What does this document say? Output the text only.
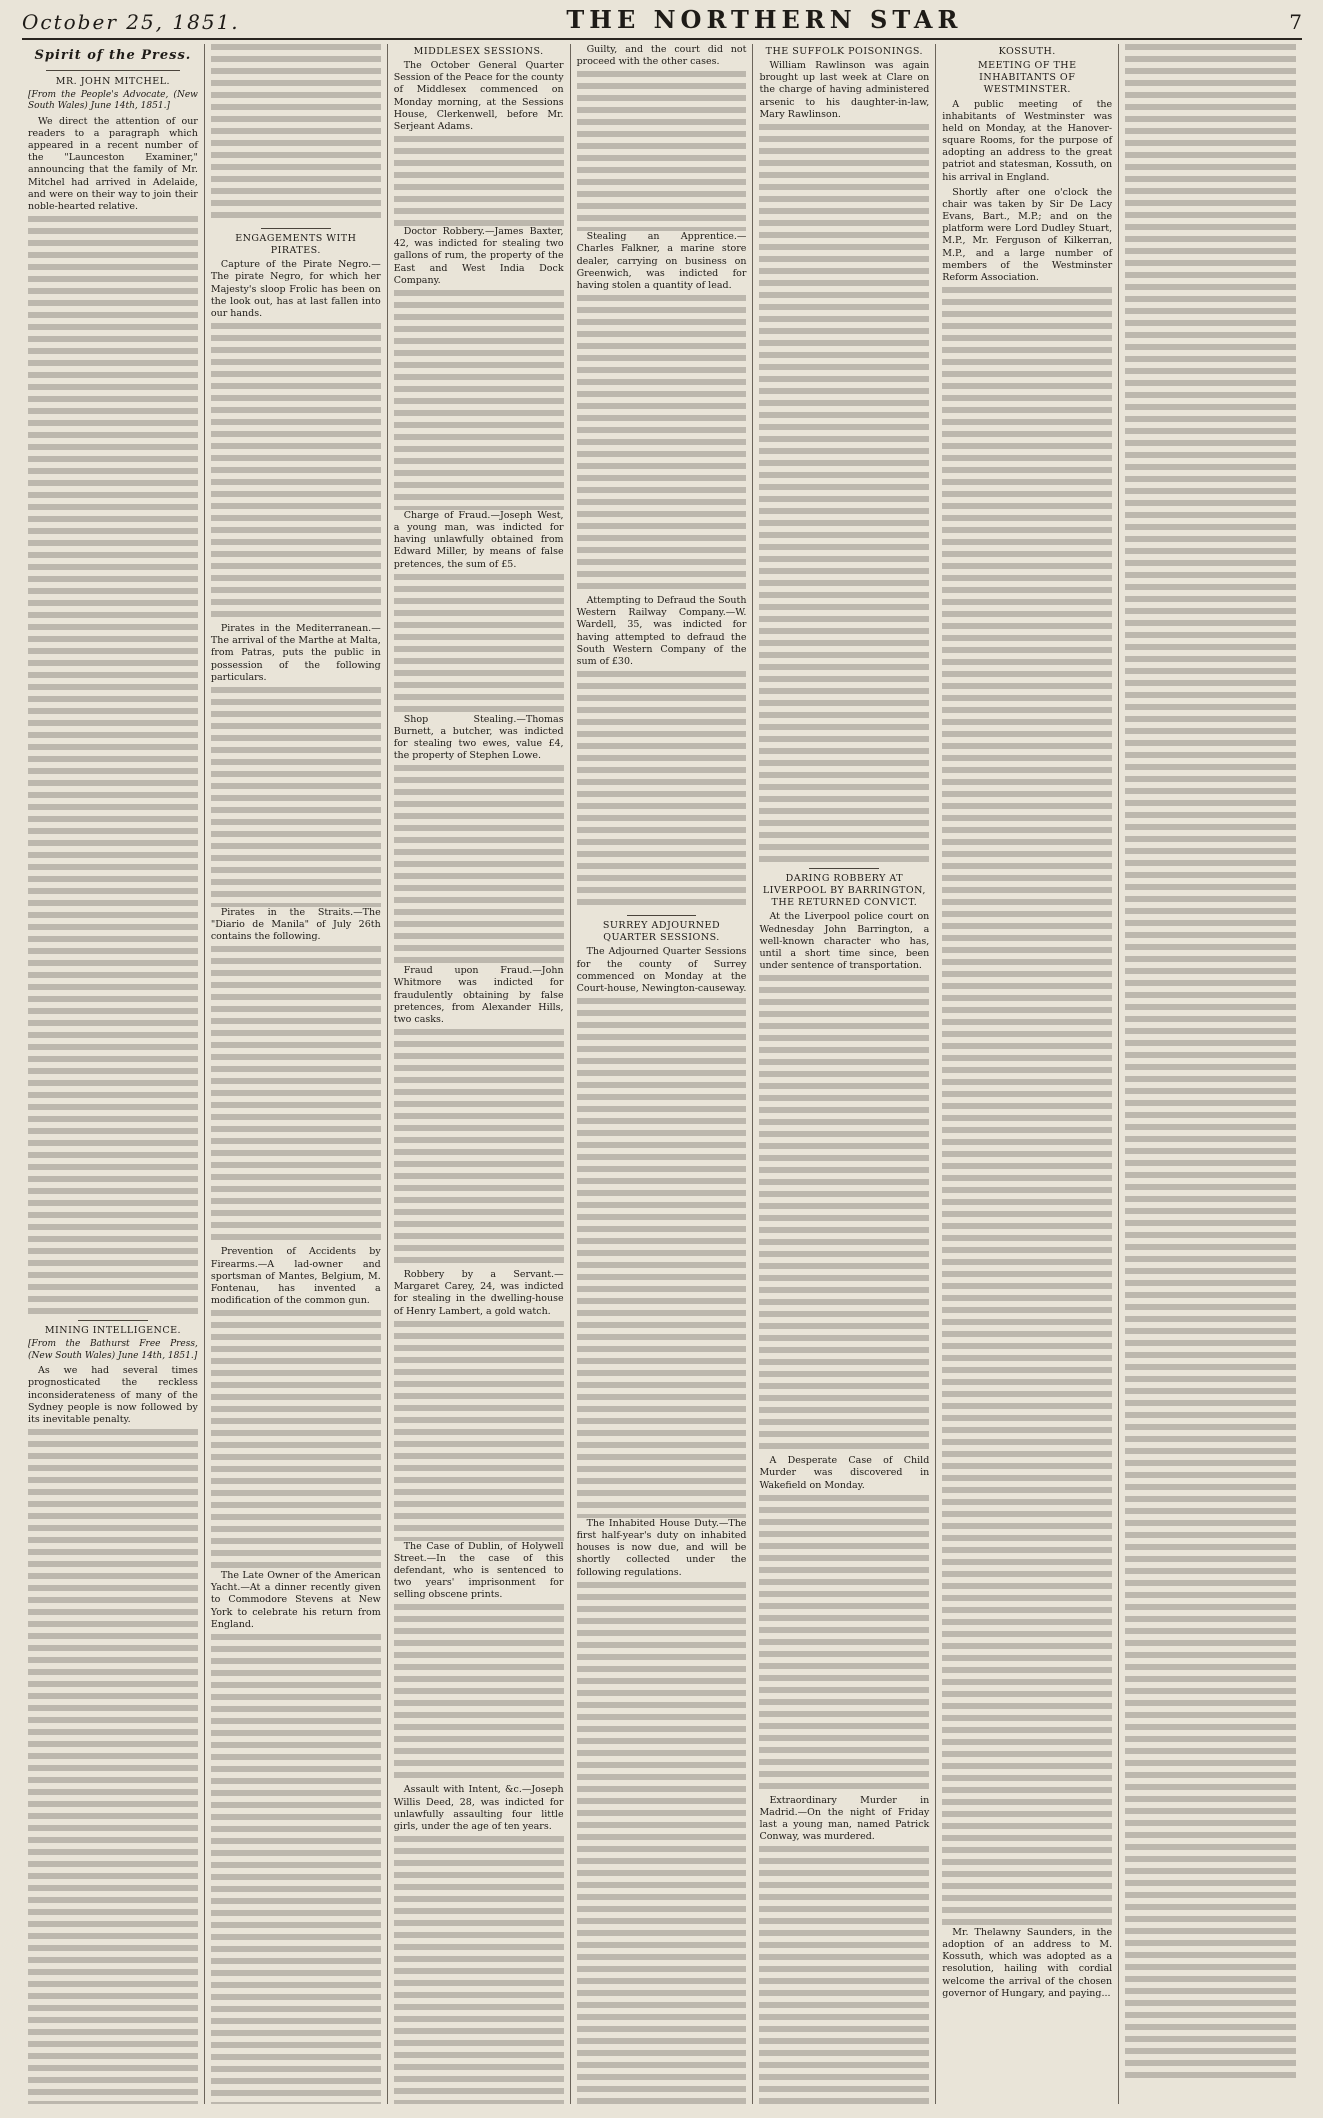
October 25, 1851.	THE NORTHERN STAR	7
Spirit of the Press.
MR. JOHN MITCHEL.
[From the People's Advocate, (New South Wales) June 14th, 1851.]

We direct the attention of our readers to a paragraph which appeared in a recent number of the "Launceston Examiner," announcing that the family of Mr. Mitchel had arrived in Adelaide, and were on their way to join their noble-hearted relative.

MINING INTELLIGENCE.
[From the Bathurst Free Press, (New South Wales) June 14th, 1851.]

As we had several times prognosticated the reckless inconsiderateness of many of the Sydney people is now followed by its inevitable penalty.

ENGAGEMENTS WITH PIRATES.

Capture of the Pirate Negro.—The pirate Negro, for which her Majesty's sloop Frolic has been on the look out, has at last fallen into our hands.

Pirates in the Mediterranean.—The arrival of the Marthe at Malta, from Patras, puts the public in possession of the following particulars.

Pirates in the Straits.—The "Diario de Manila" of July 26th contains the following.

Prevention of Accidents by Firearms.—A lad-owner and sportsman of Mantes, Belgium, M. Fontenau, has invented a modification of the common gun.

The Late Owner of the American Yacht.—At a dinner recently given to Commodore Stevens at New York to celebrate his return from England.

MIDDLESEX SESSIONS.

The October General Quarter Session of the Peace for the county of Middlesex commenced on Monday morning, at the Sessions House, Clerkenwell, before Mr. Serjeant Adams.

Doctor Robbery.—James Baxter, 42, was indicted for stealing two gallons of rum, the property of the East and West India Dock Company.

Charge of Fraud.—Joseph West, a young man, was indicted for having unlawfully obtained from Edward Miller, by means of false pretences, the sum of £5.

Shop Stealing.—Thomas Burnett, a butcher, was indicted for stealing two ewes, value £4, the property of Stephen Lowe.

Fraud upon Fraud.—John Whitmore was indicted for fraudulently obtaining by false pretences, from Alexander Hills, two casks.

Robbery by a Servant.—Margaret Carey, 24, was indicted for stealing in the dwelling-house of Henry Lambert, a gold watch.

The Case of Dublin, of Holywell Street.—In the case of this defendant, who is sentenced to two years' imprisonment for selling obscene prints.

Assault with Intent, &c.—Joseph Willis Deed, 28, was indicted for unlawfully assaulting four little girls, under the age of ten years.

Guilty, and the court did not proceed with the other cases.

Stealing an Apprentice.—Charles Falkner, a marine store dealer, carrying on business on Greenwich, was indicted for having stolen a quantity of lead.

Attempting to Defraud the South Western Railway Company.—W. Wardell, 35, was indicted for having attempted to defraud the South Western Company of the sum of £30.

SURREY ADJOURNED QUARTER SESSIONS.

The Adjourned Quarter Sessions for the county of Surrey commenced on Monday at the Court-house, Newington-causeway.

The Inhabited House Duty.—The first half-year's duty on inhabited houses is now due, and will be shortly collected under the following regulations.

THE SUFFOLK POISONINGS.

William Rawlinson was again brought up last week at Clare on the charge of having administered arsenic to his daughter-in-law, Mary Rawlinson.

DARING ROBBERY AT LIVERPOOL BY BARRINGTON, THE RETURNED CONVICT.

At the Liverpool police court on Wednesday John Barrington, a well-known character who has, until a short time since, been under sentence of transportation.

A Desperate Case of Child Murder was discovered in Wakefield on Monday.

Extraordinary Murder in Madrid.—On the night of Friday last a young man, named Patrick Conway, was murdered.

KOSSUTH.
MEETING OF THE INHABITANTS OF WESTMINSTER.

A public meeting of the inhabitants of Westminster was held on Monday, at the Hanover-square Rooms, for the purpose of adopting an address to the great patriot and statesman, Kossuth, on his arrival in England.

Shortly after one o'clock the chair was taken by Sir De Lacy Evans, Bart., M.P.; and on the platform were Lord Dudley Stuart, M.P., Mr. Ferguson of Kilkerran, M.P., and a large number of members of the Westminster Reform Association.

Mr. Thelawny Saunders, in the adoption of an address to M. Kossuth, which was adopted as a resolution, hailing with cordial welcome the arrival of the chosen governor of Hungary, and paying...
